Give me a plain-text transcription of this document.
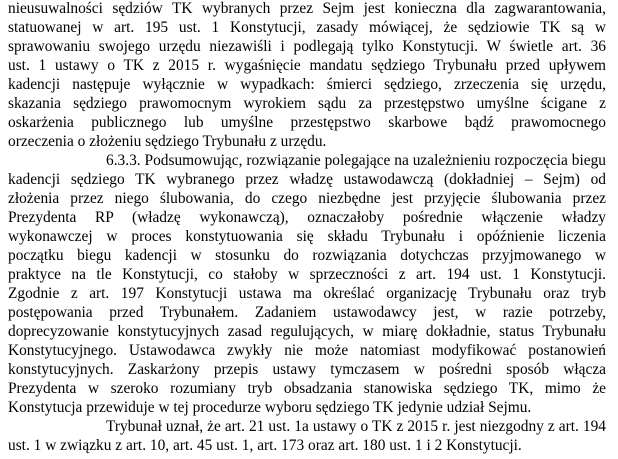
nieusuwalności sędziów TK wybranych przez Sejm jest konieczna dla zagwarantowania,
statuowanej w art. 195 ust. 1 Konstytucji, zasady mówiącej, że sędziowie TK są w
sprawowaniu swojego urzędu niezawiśli i podlegają tylko Konstytucji. W świetle art. 36
ust. 1 ustawy o TK z 2015 r. wygaśnięcie mandatu sędziego Trybunału przed upływem
kadencji następuje wyłącznie w wypadkach: śmierci sędziego, zrzeczenia się urzędu,
skazania sędziego prawomocnym wyrokiem sądu za przestępstwo umyślne ścigane z
oskarżenia publicznego lub umyślne przestępstwo skarbowe bądź prawomocnego
orzeczenia o złożeniu sędziego Trybunału z urzędu.
6.3.3. Podsumowując, rozwiązanie polegające na uzależnieniu rozpoczęcia biegu
kadencji sędziego TK wybranego przez władzę ustawodawczą (dokładniej – Sejm) od
złożenia przez niego ślubowania, do czego niezbędne jest przyjęcie ślubowania przez
Prezydenta RP (władzę wykonawczą), oznaczałoby pośrednie włączenie władzy
wykonawczej w proces konstytuowania się składu Trybunału i opóźnienie liczenia
początku biegu kadencji w stosunku do rozwiązania dotychczas przyjmowanego w
praktyce na tle Konstytucji, co stałoby w sprzeczności z art. 194 ust. 1 Konstytucji.
Zgodnie z art. 197 Konstytucji ustawa ma określać organizację Trybunału oraz tryb
postępowania przed Trybunałem. Zadaniem ustawodawcy jest, w razie potrzeby,
doprecyzowanie konstytucyjnych zasad regulujących, w miarę dokładnie, status Trybunału
Konstytucyjnego. Ustawodawca zwykły nie może natomiast modyfikować postanowień
konstytucyjnych. Zaskarżony przepis ustawy tymczasem w pośredni sposób włącza
Prezydenta w szeroko rozumiany tryb obsadzania stanowiska sędziego TK, mimo że
Konstytucja przewiduje w tej procedurze wyboru sędziego TK jedynie udział Sejmu.
Trybunał uznał, że art. 21 ust. 1a ustawy o TK z 2015 r. jest niezgodny z art. 194
ust. 1 w związku z art. 10, art. 45 ust. 1, art. 173 oraz art. 180 ust. 1 i 2 Konstytucji.
